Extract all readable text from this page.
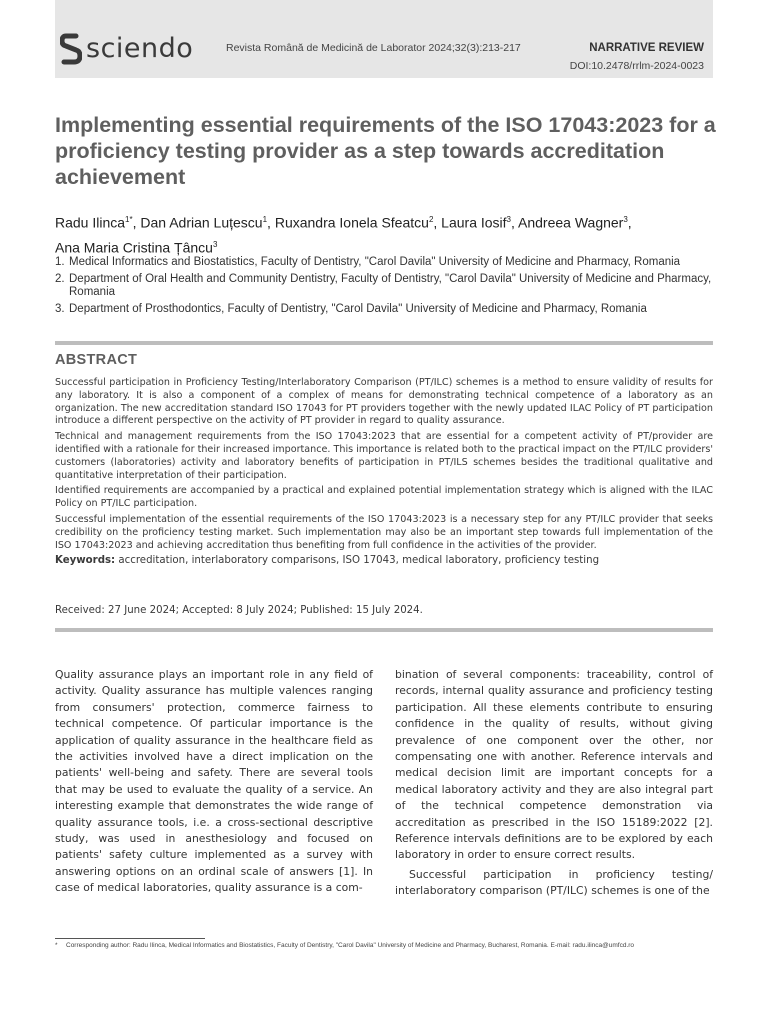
sciendo	Revista Română de Medicină de Laborator 2024;32(3):213-217	NARRATIVE REVIEW
DOI:10.2478/rrlm-2024-0023
Implementing essential requirements of the ISO 17043:2023 for a proficiency testing provider as a step towards accreditation achievement
Radu Ilinca$^{1*}$, Dan Adrian Luțescu$^1$, Ruxandra Ionela Sfeatcu$^2$, Laura Iosif$^3$, Andreea Wagner$^3$,
Ana Maria Cristina Țâncu$^3$
1. Medical Informatics and Biostatistics, Faculty of Dentistry, "Carol Davila" University of Medicine and Pharmacy, Romania
2. Department of Oral Health and Community Dentistry, Faculty of Dentistry, "Carol Davila" University of Medicine and Pharmacy, Romania
3. Department of Prosthodontics, Faculty of Dentistry, "Carol Davila" University of Medicine and Pharmacy, Romania
ABSTRACT

Successful participation in Proficiency Testing/Interlaboratory Comparison (PT/ILC) schemes is a method to ensure validity of results for any laboratory. It is also a component of a complex of means for demonstrating technical competence of a laboratory as an organization. The new accreditation standard ISO 17043 for PT providers together with the newly updated ILAC Policy of PT participation introduce a different perspective on the activity of PT provider in regard to quality assurance.

Technical and management requirements from the ISO 17043:2023 that are essential for a competent activity of PT/provider are identified with a rationale for their increased importance. This importance is related both to the practical impact on the PT/ILC providers' customers (laboratories) activity and laboratory benefits of participation in PT/ILS schemes besides the traditional qualitative and quantitative interpretation of their participation.

Identified requirements are accompanied by a practical and explained potential implementation strategy which is aligned with the ILAC Policy on PT/ILC participation.

Successful implementation of the essential requirements of the ISO 17043:2023 is a necessary step for any PT/ILC provider that seeks credibility on the proficiency testing market. Such implementation may also be an important step towards full implementation of the ISO 17043:2023 and achieving accreditation thus benefiting from full confidence in the activities of the provider.

Keywords: accreditation, interlaboratory comparisons, ISO 17043, medical laboratory, proficiency testing
Received: 27 June 2024; Accepted: 8 July 2024; Published: 15 July 2024.

Quality assurance plays an important role in any field of activity. Quality assurance has multiple valences ranging from consumers' protection, commerce fairness to technical competence. Of particular importance is the application of quality assurance in the healthcare field as the activities involved have a direct implication on the patients' well-being and safety. There are several tools that may be used to evaluate the quality of a service. An interesting example that demonstrates the wide range of quality assurance tools, i.e. a cross-sectional descriptive study, was used in anesthesiology and focused on patients' safety culture implemented as a survey with answering options on an ordinal scale of answers [1]. In case of medical laboratories, quality assurance is a com-

bination of several components: traceability, control of records, internal quality assurance and proficiency testing participation. All these elements contribute to ensuring confidence in the quality of results, without giving prevalence of one component over the other, nor compensating one with another. Reference intervals and medical decision limit are important concepts for a medical laboratory activity and they are also integral part of the technical competence demonstration via accreditation as prescribed in the ISO 15189:2022 [2]. Reference intervals definitions are to be explored by each laboratory in order to ensure correct results.

Successful participation in proficiency testing/ interlaboratory comparison (PT/ILC) schemes is one of the

* Corresponding author: Radu Ilinca, Medical Informatics and Biostatistics, Faculty of Dentistry, "Carol Davila" University of Medicine and Pharmacy, Bucharest, Romania. E-mail: radu.ilinca@umfcd.ro
